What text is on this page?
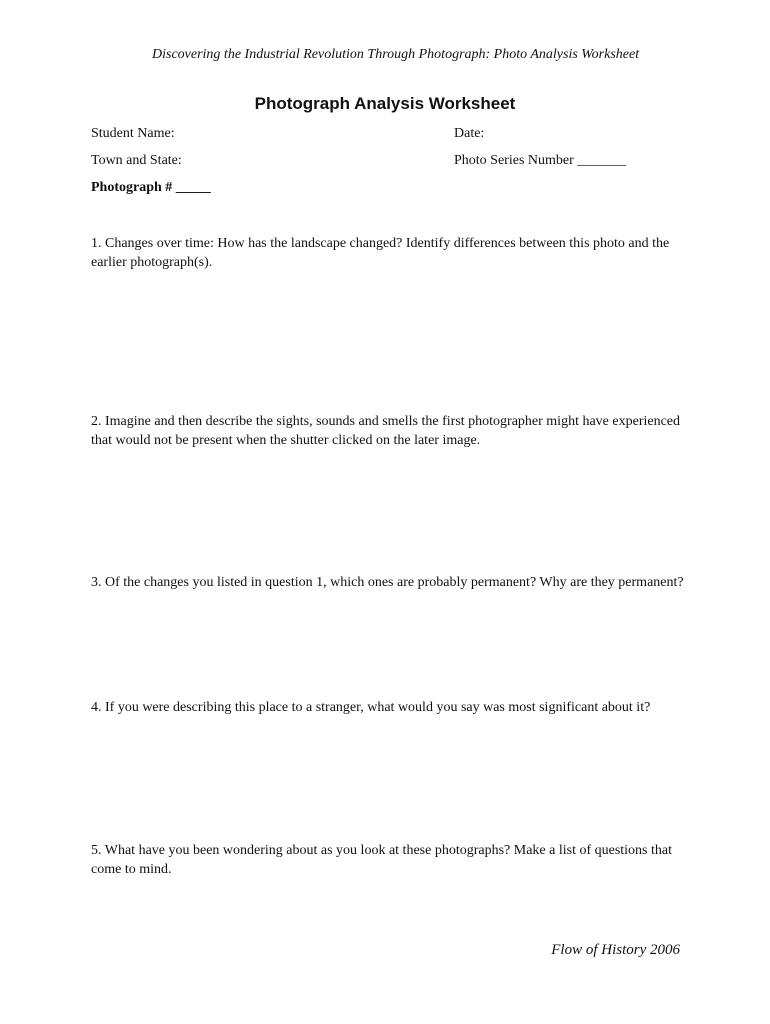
Discovering the Industrial Revolution Through Photograph: Photo Analysis Worksheet
Photograph Analysis Worksheet
Student Name:	Date:
Town and State:	Photo Series Number _______
Photograph # _____
1. Changes over time: How has the landscape changed? Identify differences between this photo and the earlier photograph(s).
2. Imagine and then describe the sights, sounds and smells the first photographer might have experienced that would not be present when the shutter clicked on the later image.
3. Of the changes you listed in question 1, which ones are probably permanent? Why are they permanent?
4. If you were describing this place to a stranger, what would you say was most significant about it?
5. What have you been wondering about as you look at these photographs? Make a list of questions that come to mind.
Flow of History 2006
